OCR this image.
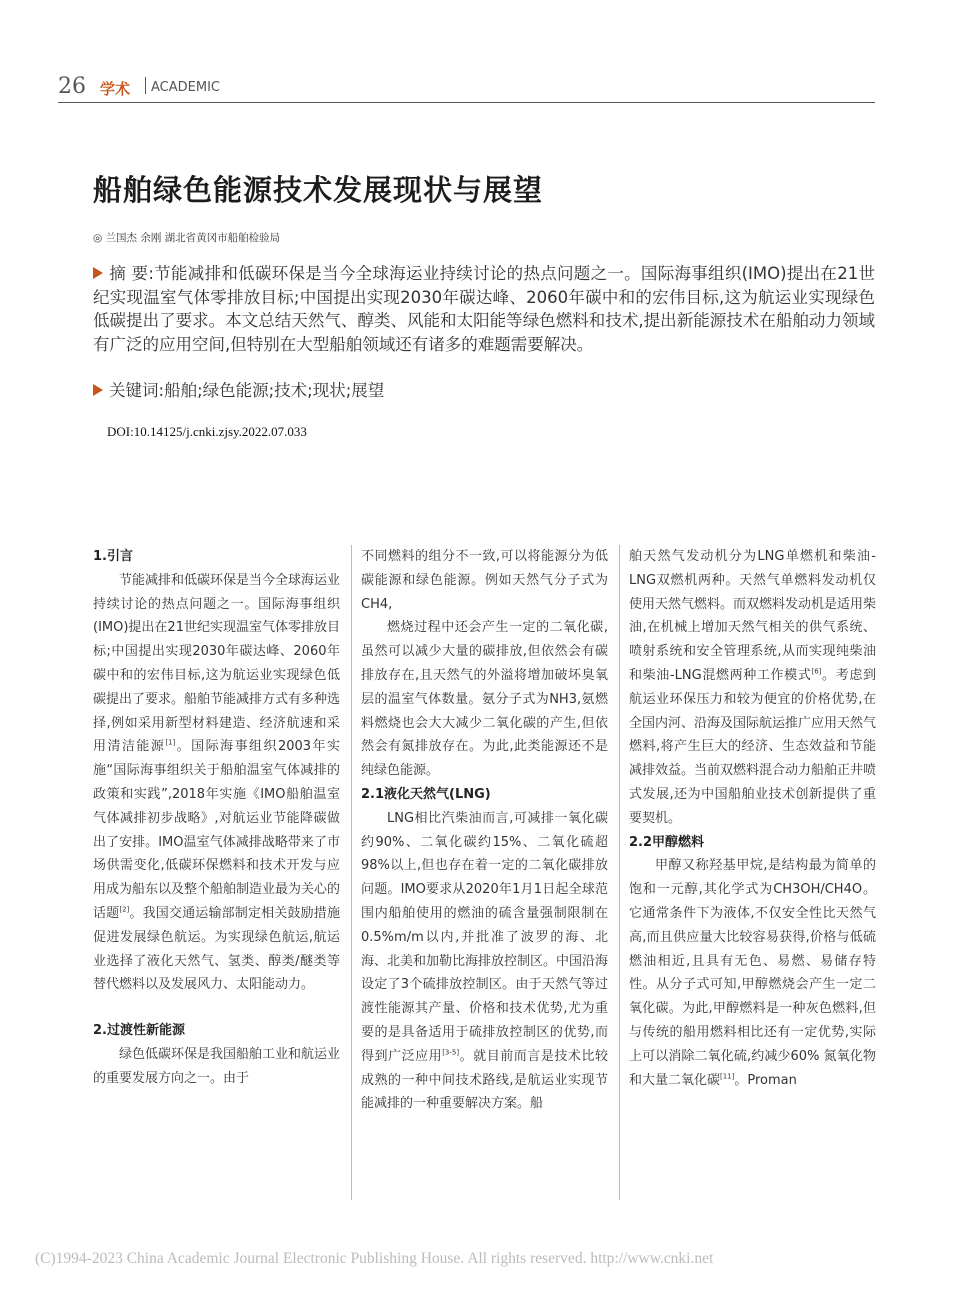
26 学术 ACADEMIC
船舶绿色能源技术发展现状与展望
◎ 兰国杰 余刚 湖北省黄冈市船舶检验局
摘 要:节能减排和低碳环保是当今全球海运业持续讨论的热点问题之一。国际海事组织(IMO)提出在21世纪实现温室气体零排放目标;中国提出实现2030年碳达峰、2060年碳中和的宏伟目标,这为航运业实现绿色低碳提出了要求。本文总结天然气、醇类、风能和太阳能等绿色燃料和技术,提出新能源技术在船舶动力领域有广泛的应用空间,但特别在大型船舶领域还有诸多的难题需要解决。
关键词:船舶;绿色能源;技术;现状;展望
DOI:10.14125/j.cnki.zjsy.2022.07.033
1.引言

节能减排和低碳环保是当今全球海运业持续讨论的热点问题之一。国际海事组织(IMO)提出在21世纪实现温室气体零排放目标;中国提出实现2030年碳达峰、2060年碳中和的宏伟目标,这为航运业实现绿色低碳提出了要求。船舶节能减排方式有多种选择,例如采用新型材料建造、经济航速和采用清洁能源[1]。国际海事组织2003年实施“国际海事组织关于船舶温室气体减排的政策和实践”,2018年实施《IMO船舶温室气体减排初步战略》,对航运业节能降碳做出了安排。IMO温室气体减排战略带来了市场供需变化,低碳环保燃料和技术开发与应用成为船东以及整个船舶制造业最为关心的话题[2]。我国交通运输部制定相关鼓励措施促进发展绿色航运。为实现绿色航运,航运业选择了液化天然气、氢类、醇类/醚类等替代燃料以及发展风力、太阳能动力。

2.过渡性新能源

绿色低碳环保是我国船舶工业和航运业的重要发展方向之一。由于

不同燃料的组分不一致,可以将能源分为低碳能源和绿色能源。例如天然气分子式为CH4,

燃烧过程中还会产生一定的二氧化碳,虽然可以减少大量的碳排放,但依然会有碳排放存在,且天然气的外溢将增加破坏臭氧层的温室气体数量。氨分子式为NH3,氨燃料燃烧也会大大减少二氧化碳的产生,但依然会有氮排放存在。为此,此类能源还不是纯绿色能源。

2.1液化天然气(LNG)

LNG相比汽柴油而言,可减排一氧化碳约90%、二氧化碳约15%、二氧化硫超98%以上,但也存在着一定的二氧化碳排放问题。IMO要求从2020年1月1日起全球范围内船舶使用的燃油的硫含量强制限制在0.5%m/m以内,并批准了波罗的海、北海、北美和加勒比海排放控制区。中国沿海设定了3个硫排放控制区。由于天然气等过渡性能源其产量、价格和技术优势,尤为重要的是具备适用于硫排放控制区的优势,而得到广泛应用[3-5]。就目前而言是技术比较成熟的一种中间技术路线,是航运业实现节能减排的一种重要解决方案。船

舶天然气发动机分为LNG单燃机和柴油-LNG双燃机两种。天然气单燃料发动机仅使用天然气燃料。而双燃料发动机是适用柴油,在机械上增加天然气相关的供气系统、喷射系统和安全管理系统,从而实现纯柴油和柴油-LNG混燃两种工作模式[6]。考虑到航运业环保压力和较为便宜的价格优势,在全国内河、沿海及国际航运推广应用天然气燃料,将产生巨大的经济、生态效益和节能减排效益。当前双燃料混合动力船舶正井喷式发展,还为中国船舶业技术创新提供了重要契机。

2.2甲醇燃料

甲醇又称羟基甲烷,是结构最为简单的饱和一元醇,其化学式为CH3OH/CH4O。它通常条件下为液体,不仅安全性比天然气高,而且供应量大比较容易获得,价格与低硫燃油相近,且具有无色、易燃、易储存特性。从分子式可知,甲醇燃烧会产生一定二氧化碳。为此,甲醇燃料是一种灰色燃料,但与传统的船用燃料相比还有一定优势,实际上可以消除二氧化硫,约减少60% 氮氧化物和大量二氧化碳[11]。Proman

(C)1994-2023 China Academic Journal Electronic Publishing House. All rights reserved. http://www.cnki.net
